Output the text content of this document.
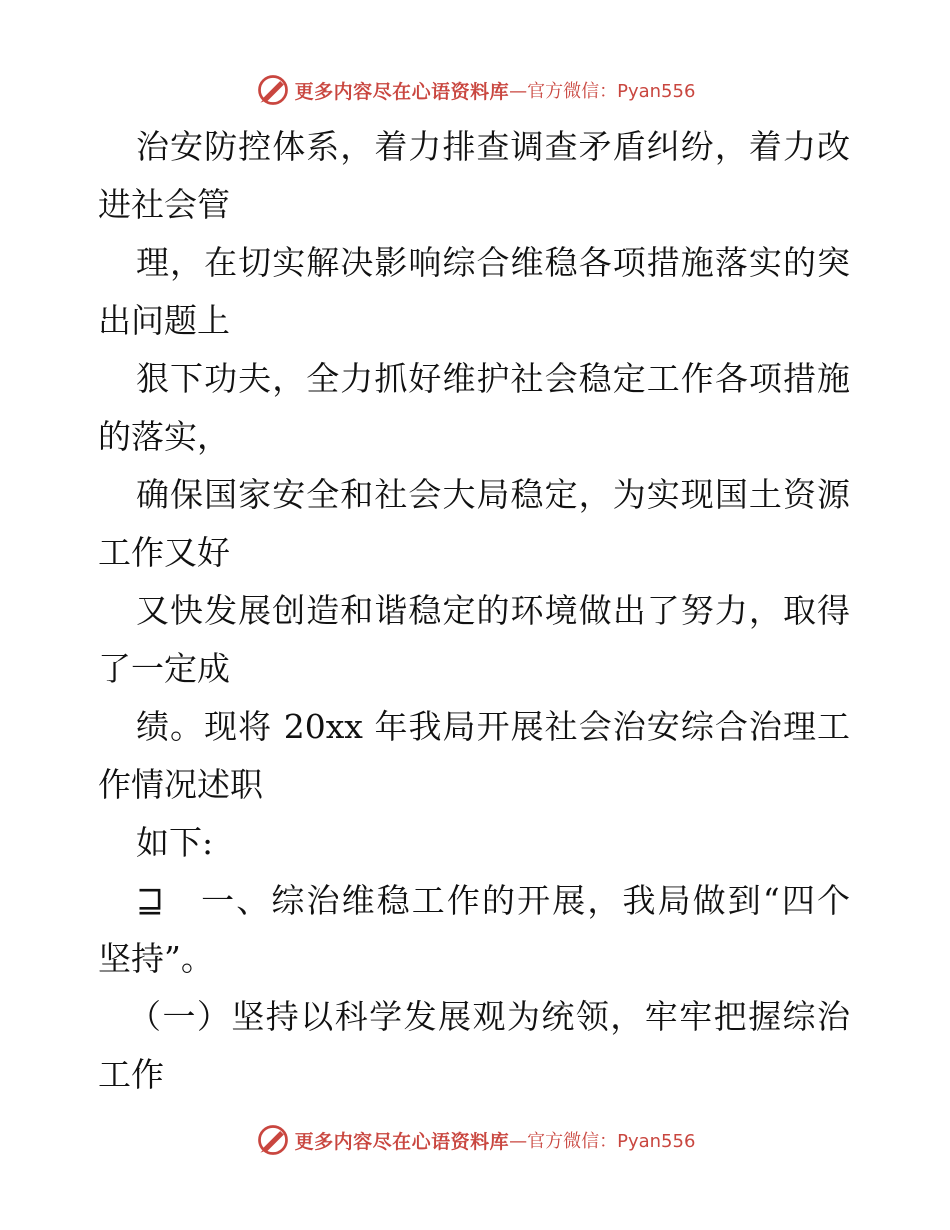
更多内容尽在心语资料库 —官方微信：Pyan556
治安防控体系，着力排查调查矛盾纠纷，着力改
进社会管
理，在切实解决影响综合维稳各项措施落实的突
出问题上
狠下功夫，全力抓好维护社会稳定工作各项措施
的落实，
确保国家安全和社会大局稳定，为实现国土资源
工作又好
又快发展创造和谐稳定的环境做出了努力，取得
了一定成
绩。现将 20xx 年我局开展社会治安综合治理工
作情况述职
如下:
⊒　一、综治维稳工作的开展，我局做到“四个
坚持”。
（一）坚持以科学发展观为统领，牢牢把握综治
工作
更多内容尽在心语资料库 —官方微信：Pyan556
